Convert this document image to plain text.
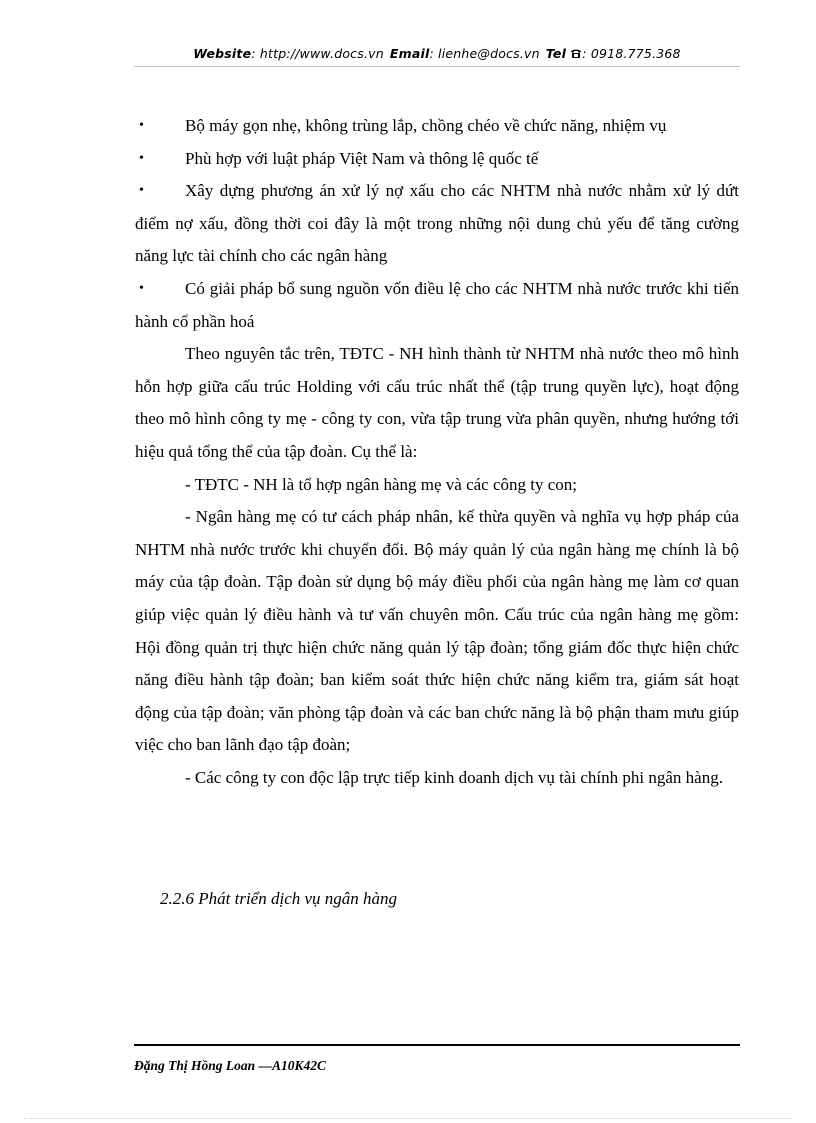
Website: http://www.docs.vn Email: lienhe@docs.vn Tel : 0918.775.368

• Bộ máy gọn nhẹ, không trùng lắp, chồng chéo về chức năng, nhiệm vụ

• Phù hợp với luật pháp Việt Nam và thông lệ quốc tế

• Xây dựng phương án xử lý nợ xấu cho các NHTM nhà nước nhằm xử lý dứt điểm nợ xấu, đồng thời coi đây là một trong những nội dung chủ yếu để tăng cường năng lực tài chính cho các ngân hàng

• Có giải pháp bổ sung nguồn vốn điều lệ cho các NHTM nhà nước trước khi tiến hành cổ phần hoá

Theo nguyên tắc trên, TĐTC - NH hình thành từ NHTM nhà nước theo mô hình hỗn hợp giữa cấu trúc Holding với cấu trúc nhất thể (tập trung quyền lực), hoạt động theo mô hình công ty mẹ - công ty con, vừa tập trung vừa phân quyền, nhưng hướng tới hiệu quả tổng thể của tập đoàn. Cụ thể là:

- TĐTC - NH là tổ hợp ngân hàng mẹ và các công ty con;

- Ngân hàng mẹ có tư cách pháp nhân, kế thừa quyền và nghĩa vụ hợp pháp của NHTM nhà nước trước khi chuyển đổi. Bộ máy quản lý của ngân hàng mẹ chính là bộ máy của tập đoàn. Tập đoàn sử dụng bộ máy điều phối của ngân hàng mẹ làm cơ quan giúp việc quản lý điều hành và tư vấn chuyên môn. Cấu trúc của ngân hàng mẹ gồm: Hội đồng quản trị thực hiện chức năng quản lý tập đoàn; tổng giám đốc thực hiện chức năng điều hành tập đoàn; ban kiểm soát thức hiện chức năng kiểm tra, giám sát hoạt động của tập đoàn; văn phòng tập đoàn và các ban chức năng là bộ phận tham mưu giúp việc cho ban lãnh đạo tập đoàn;

- Các công ty con độc lập trực tiếp kinh doanh dịch vụ tài chính phi ngân hàng.

2.2.6 Phát triển dịch vụ ngân hàng
Đặng Thị Hồng Loan —A10K42C
